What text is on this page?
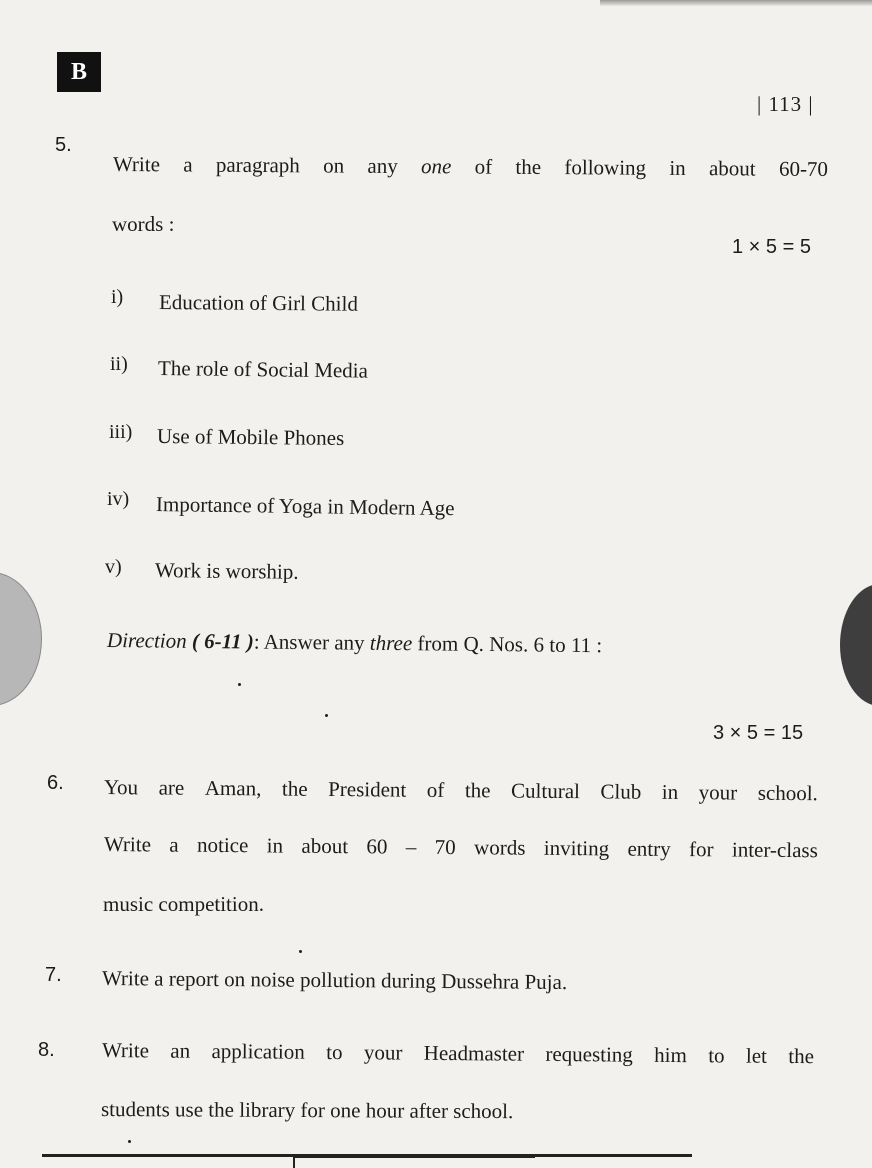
B
| 113 |
5.
Write a paragraph on any one of the following in about 60-70
words :
1 × 5 = 5
i) Education of Girl Child
ii) The role of Social Media
iii) Use of Mobile Phones
iv) Importance of Yoga in Modern Age
v) Work is worship.
Direction ( 6-11 ): Answer any three from Q. Nos. 6 to 11 :
3 × 5 = 15
6. You are Aman, the President of the Cultural Club in your school.
Write a notice in about 60 – 70 words inviting entry for inter-class
music competition.
7. Write a report on noise pollution during Dussehra Puja.
8. Write an application to your Headmaster requesting him to let the
students use the library for one hour after school.
